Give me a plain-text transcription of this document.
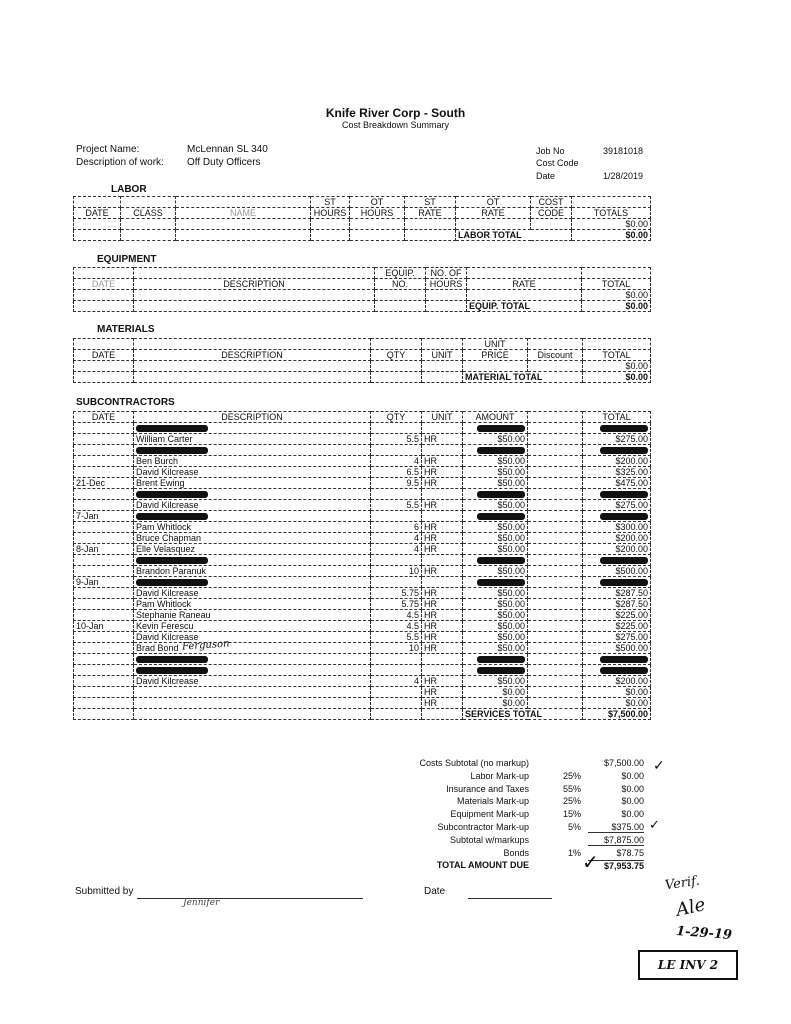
Knife River Corp - South
Cost Breakdown Summary
Project Name:	McLennan SL 340
Description of work: Off Duty Officers
Job No	39181018
Cost Code
Date	1/28/2019
LABOR
			ST	OT	ST	OT	COST	
DATE	CLASS	NAME	HOURS	HOURS	RATE	RATE	CODE	TOTALS
								$0.00
						LABOR TOTAL		$0.00
EQUIPMENT
		EQUIP.	NO. OF		
DATE	DESCRIPTION	NO.	HOURS	RATE	TOTAL
					$0.00
				EQUIP. TOTAL	$0.00
MATERIALS
				UNIT		
DATE	DESCRIPTION	QTY	UNIT	PRICE	Discount	TOTAL
						$0.00
				MATERIAL TOTAL		$0.00
SUBCONTRACTORS
DATE	DESCRIPTION	QTY	UNIT	AMOUNT		TOTAL

	William Carter	5.5	HR	$50.00		$275.00

	Ben Burch	4	HR	$50.00		$200.00
	David Kilcrease	6.5	HR	$50.00		$325.00
21-Dec	Brent Ewing	9.5	HR	$50.00		$475.00

	David Kilcrease	5.5	HR	$50.00		$275.00
7-Jan						
	Pam Whitlock	6	HR	$50.00		$300.00
	Bruce Chapman	4	HR	$50.00		$200.00
8-Jan	Elle Velasquez	4	HR	$50.00		$200.00

	Brandon Paranuk	10	HR	$50.00		$500.00
9-Jan						
	David Kilcrease	5.75	HR	$50.00		$287.50
	Pam Whitlock	5.75	HR	$50.00		$287.50
	Stephanie Raneau	4.5	HR	$50.00		$225.00
10-Jan	Kevin Ferescu	4.5	HR	$50.00		$225.00
	David Kilcrease	5.5	HR	$50.00		$275.00
	Brad Bond	10	HR	$50.00		$500.00

	David Kilcrease	4	HR	$50.00		$200.00
			HR	$0.00		$0.00
			HR	$0.00		$0.00
				SERVICES TOTAL		$7,500.00
Costs Subtotal (no markup)	$7,500.00
Labor Mark-up	25%	$0.00
Insurance and Taxes	55%	$0.00
Materials Mark-up	25%	$0.00
Equipment Mark-up	15%	$0.00
Subcontractor Mark-up	5%	$375.00
Subtotal w/markups	$7,875.00
Bonds	1%	$78.75
TOTAL AMOUNT DUE	$7,953.75
Submitted by
Jennifer
Date
Ferguson
Verif.
Ale
1-29-19
LE INV 2
✓
✓
✓
